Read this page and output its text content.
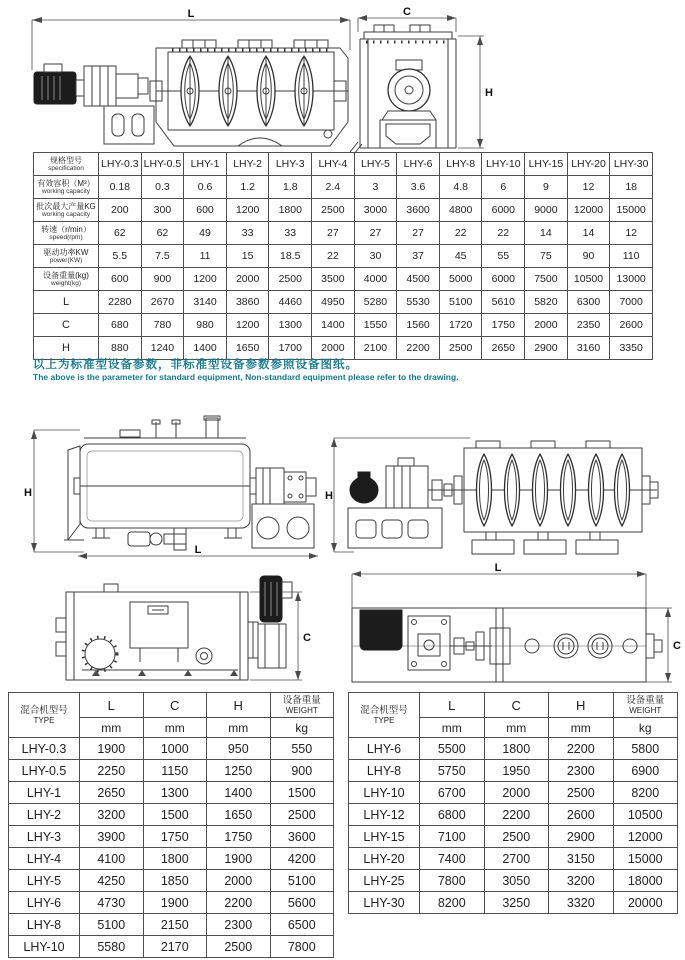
L	C
H
规格型号
specification	LHY-0.3	LHY-0.5	LHY-1	LHY-2	LHY-3	LHY-4	LHY-5	LHY-6	LHY-8	LHY-10	LHY-15	LHY-20	LHY-30

有效容积（M³）
working capacity	0.18	0.3	0.6	1.2	1.8	2.4	3	3.6	4.8	6	9	12	18

批次最大产量KG
working capacity	200	300	600	1200	1800	2500	3000	3600	4800	6000	9000	12000	15000

转速（r/min）
speed(rpm)	62	62	49	33	33	27	27	27	22	22	14	14	12

驱动功率KW
power(KW)	5.5	7.5	11	15	18.5	22	30	37	45	55	75	90	110

设备重量(kg)
weight(kg)	600	900	1200	2000	2500	3500	4000	4500	5000	6000	7500	10500	13000

L	2280	2670	3140	3860	4460	4950	5280	5530	5100	5610	5820	6300	7000

C	680	780	980	1200	1300	1400	1550	1560	1720	1750	2000	2350	2600

H	880	1240	1400	1650	1700	2000	2100	2200	2500	2650	2900	3160	3350
以上为标准型设备参数，非标准型设备参数参照设备图纸。
The above is the parameter for standard equipment, Non-standard equipment please refer to the drawing.
H
L
H
C
L
C
混合机型号
TYPE
	L	C	H	设备重量
WEIGHT

	mm	mm	mm	kg
LHY-0.3	1900	1000	950	550
LHY-0.5	2250	1150	1250	900
LHY-1	2650	1300	1400	1500
LHY-2	3200	1500	1650	2500
LHY-3	3900	1750	1750	3600
LHY-4	4100	1800	1900	4200
LHY-5	4250	1850	2000	5100
LHY-6	4730	1900	2200	5600
LHY-8	5100	2150	2300	6500
LHY-10	5580	2170	2500	7800
混合机型号
TYPE
	L	C	H	设备重量
WEIGHT

	mm	mm	mm	kg
LHY-6	5500	1800	2200	5800
LHY-8	5750	1950	2300	6900
LHY-10	6700	2000	2500	8200
LHY-12	6800	2200	2600	10500
LHY-15	7100	2500	2900	12000
LHY-20	7400	2700	3150	15000
LHY-25	7800	3050	3200	18000
LHY-30	8200	3250	3320	20000
